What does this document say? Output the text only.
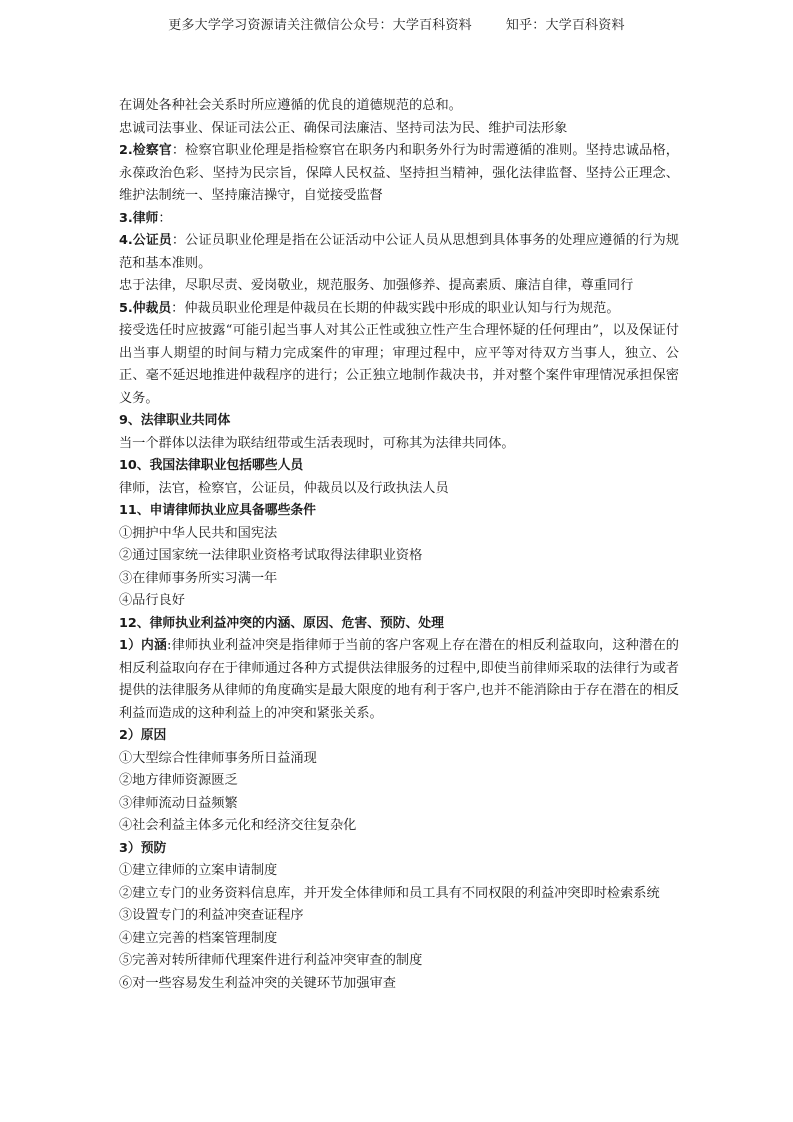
更多大学学习资源请关注微信公众号：大学百科资料	知乎：大学百科资料

在调处各种社会关系时所应遵循的优良的道德规范的总和。

忠诚司法事业、保证司法公正、确保司法廉洁、坚持司法为民、维护司法形象

2.检察官：检察官职业伦理是指检察官在职务内和职务外行为时需遵循的准则。坚持忠诚品格，永葆政治色彩、坚持为民宗旨，保障人民权益、坚持担当精神，强化法律监督、坚持公正理念、维护法制统一、坚持廉洁操守，自觉接受监督

3.律师：

4.公证员：公证员职业伦理是指在公证活动中公证人员从思想到具体事务的处理应遵循的行为规范和基本准则。

忠于法律，尽职尽责、爱岗敬业，规范服务、加强修养、提高素质、廉洁自律，尊重同行

5.仲裁员：仲裁员职业伦理是仲裁员在长期的仲裁实践中形成的职业认知与行为规范。

接受选任时应披露“可能引起当事人对其公正性或独立性产生合理怀疑的任何理由”，以及保证付出当事人期望的时间与精力完成案件的审理；审理过程中，应平等对待双方当事人，独立、公正、毫不延迟地推进仲裁程序的进行；公正独立地制作裁决书，并对整个案件审理情况承担保密义务。

9、法律职业共同体

当一个群体以法律为联结纽带或生活表现时，可称其为法律共同体。

10、我国法律职业包括哪些人员

律师，法官，检察官，公证员，仲裁员以及行政执法人员

11、申请律师执业应具备哪些条件

①拥护中华人民共和国宪法

②通过国家统一法律职业资格考试取得法律职业资格

③在律师事务所实习满一年

④品行良好

12、律师执业利益冲突的内涵、原因、危害、预防、处理

1）内涵:律师执业利益冲突是指律师于当前的客户客观上存在潜在的相反利益取向，这种潜在的相反利益取向存在于律师通过各种方式提供法律服务的过程中,即使当前律师采取的法律行为或者提供的法律服务从律师的角度确实是最大限度的地有利于客户,也并不能消除由于存在潜在的相反利益而造成的这种利益上的冲突和紧张关系。

2）原因

①大型综合性律师事务所日益涌现

②地方律师资源匮乏

③律师流动日益频繁

④社会利益主体多元化和经济交往复杂化

3）预防

①建立律师的立案申请制度

②建立专门的业务资料信息库，并开发全体律师和员工具有不同权限的利益冲突即时检索系统

③设置专门的利益冲突查证程序

④建立完善的档案管理制度

⑤完善对转所律师代理案件进行利益冲突审查的制度

⑥对一些容易发生利益冲突的关键环节加强审查
